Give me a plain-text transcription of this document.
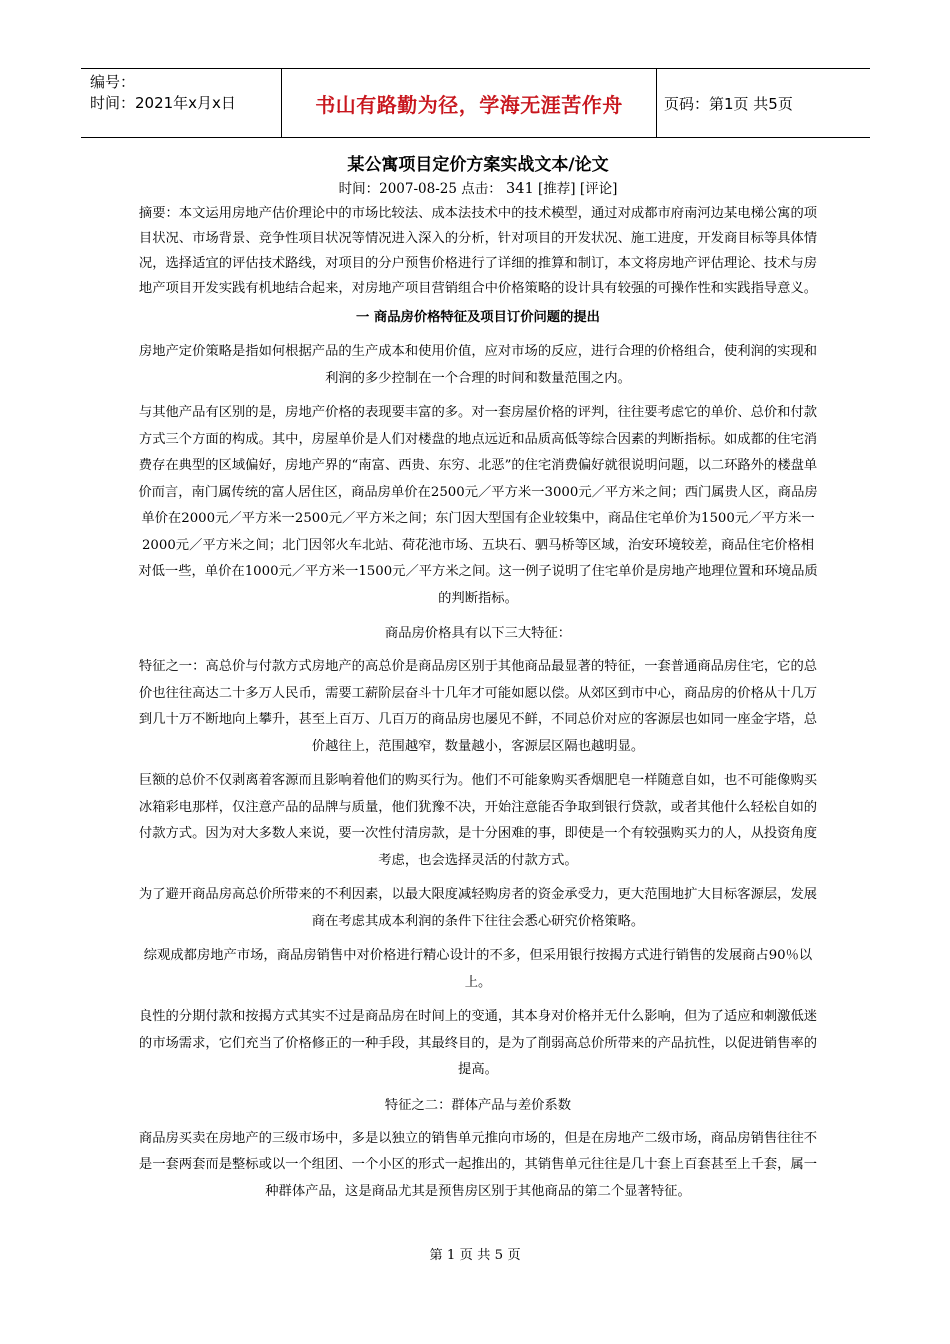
编号：
时间：2021年x月x日	书山有路勤为径，学海无涯苦作舟	页码：第1页 共5页
某公寓项目定价方案实战文本/论文
时间：2007-08-25 点击： 341 [推荐] [评论]
摘要：本文运用房地产估价理论中的市场比较法、成本法技术中的技术模型，通过对成都市府南河边某电梯公寓的项目状况、市场背景、竞争性项目状况等情况进入深入的分析，针对项目的开发状况、施工进度，开发商目标等具体情况，选择适宜的评估技术路线，对项目的分户预售价格进行了详细的推算和制订，本文将房地产评估理论、技术与房地产项目开发实践有机地结合起来，对房地产项目营销组合中价格策略的设计具有较强的可操作性和实践指导意义。
一 商品房价格特征及项目订价问题的提出

房地产定价策略是指如何根据产品的生产成本和使用价值，应对市场的反应，进行合理的价格组合，使利润的实现和利润的多少控制在一个合理的时间和数量范围之内。

与其他产品有区别的是，房地产价格的表现要丰富的多。对一套房屋价格的评判，往往要考虑它的单价、总价和付款方式三个方面的构成。其中，房屋单价是人们对楼盘的地点远近和品质高低等综合因素的判断指标。如成都的住宅消费存在典型的区域偏好，房地产界的“南富、西贵、东穷、北恶”的住宅消费偏好就很说明问题，以二环路外的楼盘单价而言，南门属传统的富人居住区，商品房单价在2500元／平方米一3000元／平方米之间；西门属贵人区，商品房单价在2000元／平方米一2500元／平方米之间；东门因大型国有企业较集中，商品住宅单价为1500元／平方米一2000元／平方米之间；北门因邻火车北站、荷花池市场、五块石、驷马桥等区域，治安环境较差，商品住宅价格相对低一些，单价在1000元／平方米一1500元／平方米之间。这一例子说明了住宅单价是房地产地理位置和环境品质的判断指标。

商品房价格具有以下三大特征：

特征之一：高总价与付款方式房地产的高总价是商品房区别于其他商品最显著的特征，一套普通商品房住宅，它的总价也往往高达二十多万人民币，需要工薪阶层奋斗十几年才可能如愿以偿。从郊区到市中心，商品房的价格从十几万到几十万不断地向上攀升，甚至上百万、几百万的商品房也屡见不鲜，不同总价对应的客源层也如同一座金字塔，总价越往上，范围越窄，数量越小，客源层区隔也越明显。

巨额的总价不仅剥离着客源而且影响着他们的购买行为。他们不可能象购买香烟肥皂一样随意自如，也不可能像购买冰箱彩电那样，仅注意产品的品牌与质量，他们犹豫不决，开始注意能否争取到银行贷款，或者其他什么轻松自如的付款方式。因为对大多数人来说，要一次性付清房款，是十分困难的事，即使是一个有较强购买力的人，从投资角度考虑，也会选择灵活的付款方式。

为了避开商品房高总价所带来的不利因素，以最大限度减轻购房者的资金承受力，更大范围地扩大目标客源层，发展商在考虑其成本利润的条件下往往会悉心研究价格策略。

综观成都房地产市场，商品房销售中对价格进行精心设计的不多，但采用银行按揭方式进行销售的发展商占90％以上。

良性的分期付款和按揭方式其实不过是商品房在时间上的变通，其本身对价格并无什么影响，但为了适应和刺激低迷的市场需求，它们充当了价格修正的一种手段，其最终目的，是为了削弱高总价所带来的产品抗性，以促进销售率的提高。

特征之二：群体产品与差价系数

商品房买卖在房地产的三级市场中，多是以独立的销售单元推向市场的，但是在房地产二级市场，商品房销售往往不是一套两套而是整标或以一个组团、一个小区的形式一起推出的，其销售单元往往是几十套上百套甚至上千套，属一种群体产品，这是商品尤其是预售房区别于其他商品的第二个显著特征。

第 1 页 共 5 页
